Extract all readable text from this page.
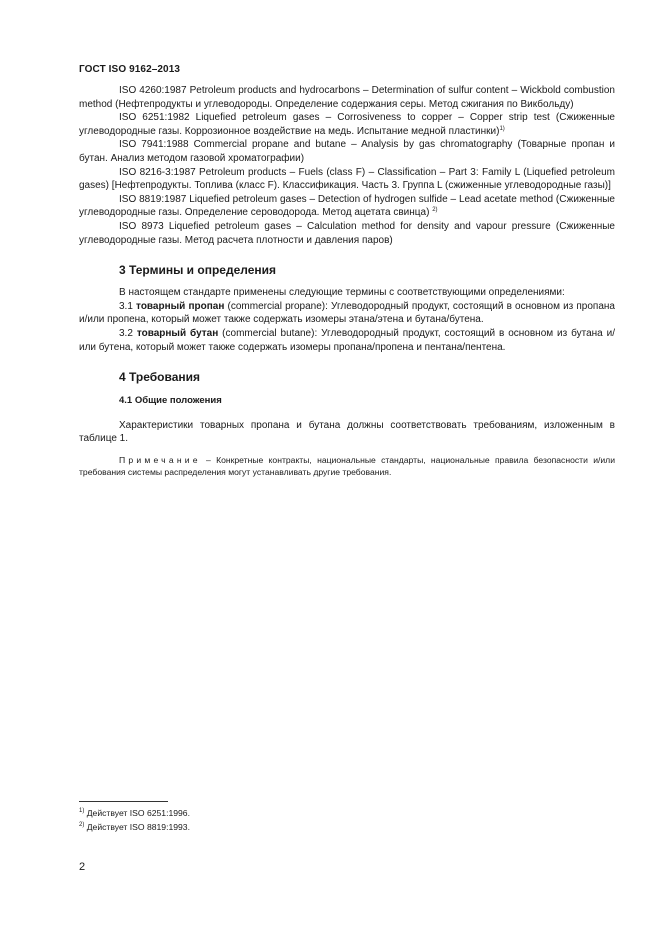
ГОСТ ISO 9162–2013

ISO 4260:1987 Petroleum products and hydrocarbons – Determination of sulfur content – Wickbold combustion method (Нефтепродукты и углеводороды. Определение содержания серы. Метод сжигания по Викбольду)

ISO 6251:1982 Liquefied petroleum gases – Corrosiveness to copper – Copper strip test (Сжиженные углеводородные газы. Коррозионное воздействие на медь. Испытание медной пластинки)$^{1)}$

ISO 7941:1988 Commercial propane and butane – Analysis by gas chromatography (Товарные пропан и бутан. Анализ методом газовой хроматографии)

ISO 8216-3:1987 Petroleum products – Fuels (class F) – Classification – Part 3: Family L (Liquefied petroleum gases) [Нефтепродукты. Топлива (класс F). Классификация. Часть 3. Группа L (сжиженные углеводородные газы)]

ISO 8819:1987 Liquefied petroleum gases – Detection of hydrogen sulfide – Lead acetate method (Сжиженные углеводородные газы. Определение сероводорода. Метод ацетата свинца) $^{2)}$

ISO 8973 Liquefied petroleum gases – Calculation method for density and vapour pressure (Сжиженные углеводородные газы. Метод расчета плотности и давления паров)

3 Термины и определения

В настоящем стандарте применены следующие термины с соответствующими определениями:

3.1 товарный пропан (commercial propane): Углеводородный продукт, состоящий в основном из пропана и/или пропена, который может также содержать изомеры этана/этена и бутана/бутена.

3.2 товарный бутан (commercial butane): Углеводородный продукт, состоящий в основном из бутана и/или бутена, который может также содержать изомеры пропана/пропена и пентана/пентена.

4 Требования
4.1 Общие положения

Характеристики товарных пропана и бутана должны соответствовать требованиям, изложенным в таблице 1.

Примечание – Конкретные контракты, национальные стандарты, национальные правила безопасности и/или требования системы распределения могут устанавливать другие требования.

$^{1)}$ Действует ISO 6251:1996.
$^{2)}$ Действует ISO 8819:1993.
2
